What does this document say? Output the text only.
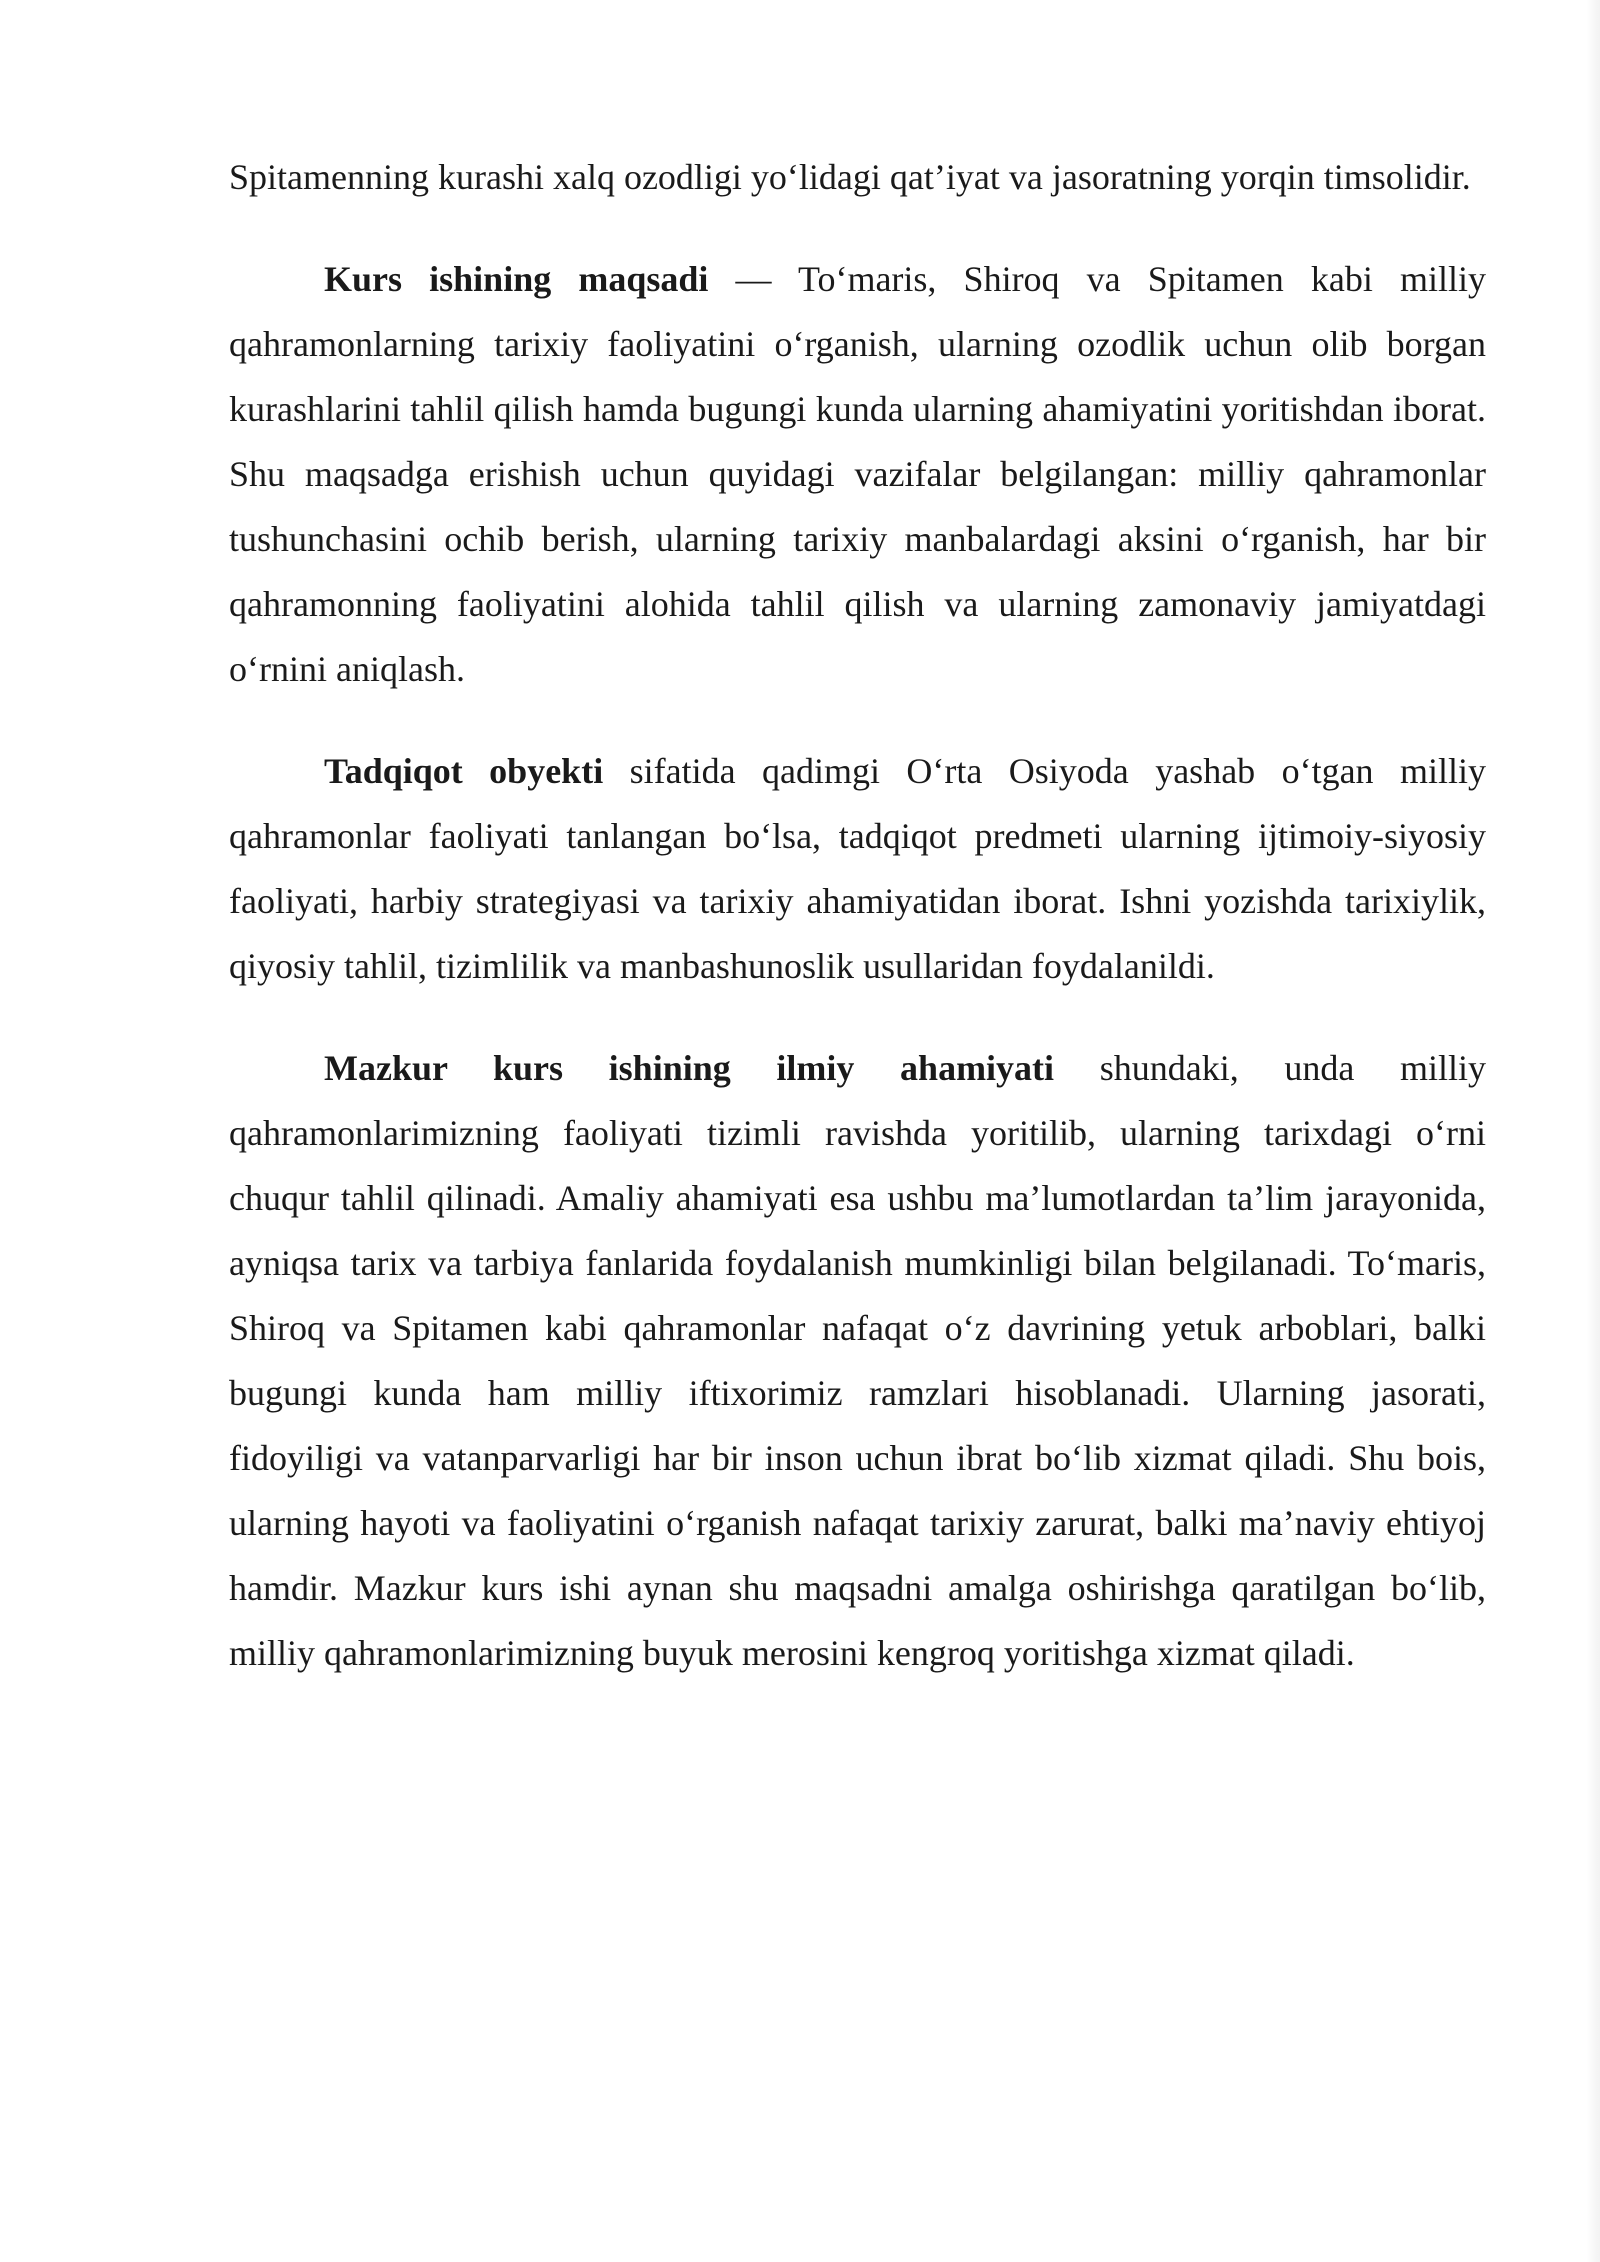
Spitamenning kurashi xalq ozodligi yo‘lidagi qat’iyat va jasoratning yorqin timsolidir.

Kurs ishining maqsadi — To‘maris, Shiroq va Spitamen kabi milliy qahramonlarning tarixiy faoliyatini o‘rganish, ularning ozodlik uchun olib borgan kurashlarini tahlil qilish hamda bugungi kunda ularning ahamiyatini yoritishdan iborat. Shu maqsadga erishish uchun quyidagi vazifalar belgilangan: milliy qahramonlar tushunchasini ochib berish, ularning tarixiy manbalardagi aksini o‘rganish, har bir qahramonning faoliyatini alohida tahlil qilish va ularning zamonaviy jamiyatdagi o‘rnini aniqlash.

Tadqiqot obyekti sifatida qadimgi O‘rta Osiyoda yashab o‘tgan milliy qahramonlar faoliyati tanlangan bo‘lsa, tadqiqot predmeti ularning ijtimoiy-siyosiy faoliyati, harbiy strategiyasi va tarixiy ahamiyatidan iborat. Ishni yozishda tarixiylik, qiyosiy tahlil, tizimlilik va manbashunoslik usullaridan foydalanildi.

Mazkur kurs ishining ilmiy ahamiyati shundaki, unda milliy qahramonlarimizning faoliyati tizimli ravishda yoritilib, ularning tarixdagi o‘rni chuqur tahlil qilinadi. Amaliy ahamiyati esa ushbu ma’lumotlardan ta’lim jarayonida, ayniqsa tarix va tarbiya fanlarida foydalanish mumkinligi bilan belgilanadi. To‘maris, Shiroq va Spitamen kabi qahramonlar nafaqat o‘z davrining yetuk arboblari, balki bugungi kunda ham milliy iftixorimiz ramzlari hisoblanadi. Ularning jasorati, fidoyiligi va vatanparvarligi har bir inson uchun ibrat bo‘lib xizmat qiladi. Shu bois, ularning hayoti va faoliyatini o‘rganish nafaqat tarixiy zarurat, balki ma’naviy ehtiyoj hamdir. Mazkur kurs ishi aynan shu maqsadni amalga oshirishga qaratilgan bo‘lib, milliy qahramonlarimizning buyuk merosini kengroq yoritishga xizmat qiladi.
